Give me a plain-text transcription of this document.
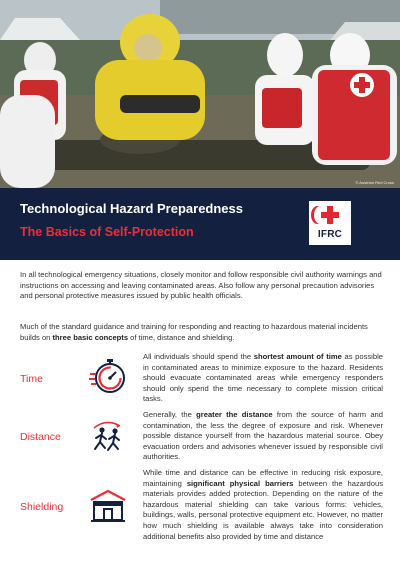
© Austrian Red Cross
Technological Hazard Preparedness
The Basics of Self-Protection	IFRC

In all technological emergency situations, closely monitor and follow responsible civil authority warnings and instructions on accessing and leaving contaminated areas. Also follow any personal precaution advisories and personal protective measures issued by public health officials.

Much of the standard guidance and training for responding and reacting to hazardous material incidents builds on three basic concepts of time, distance and shielding.

Time

All individuals should spend the shortest amount of time as possible in contaminated areas to minimize exposure to the hazard. Residents should evacuate contaminated areas while emergency responders should only spend the time necessary to complete mission critical tasks.

Distance

Generally, the greater the distance from the source of harm and contamination, the less the degree of exposure and risk. Whenever possible distance yourself from the hazardous material source. Obey evacuation orders and advisories whenever issued by responsible civil authorities.

Shielding

While time and distance can be effective in reducing risk exposure, maintaining significant physical barriers between the hazardous materials provides added protection. Depending on the nature of the hazardous material shielding can take various forms: vehicles, buildings, walls, personal protective equipment etc. However, no matter how much shielding is available always take into consideration additional benefits also provided by time and distance
